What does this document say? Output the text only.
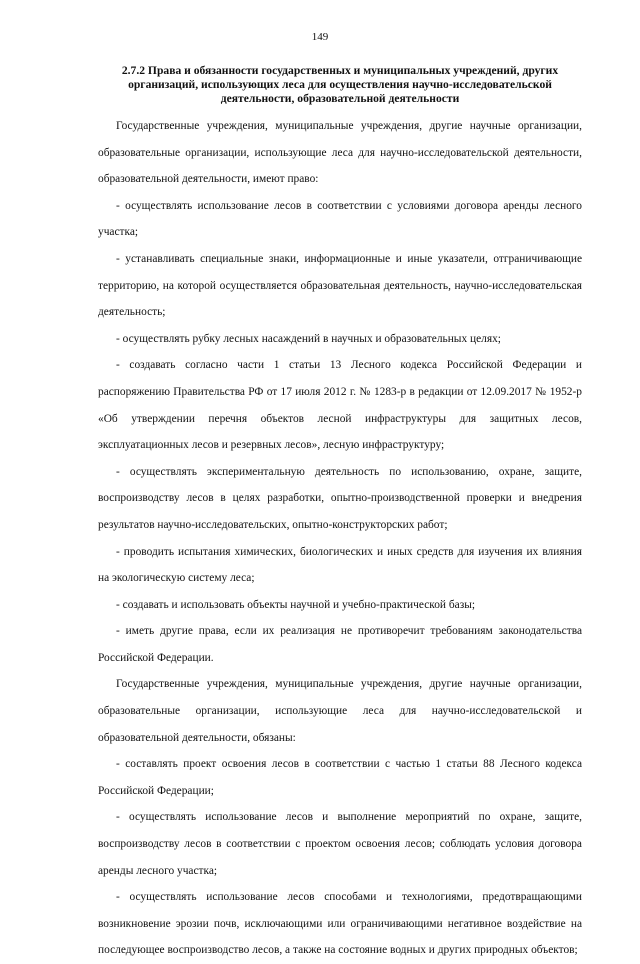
149
2.7.2 Права и обязанности государственных и муниципальных учреждений, других организаций, использующих леса для осуществления научно-исследовательской деятельности, образовательной деятельности

Государственные учреждения, муниципальные учреждения, другие научные организации, образовательные организации, использующие леса для научно-исследовательской деятельности, образовательной деятельности, имеют право:

- осуществлять использование лесов в соответствии с условиями договора аренды лесного участка;

- устанавливать специальные знаки, информационные и иные указатели, отграничивающие территорию, на которой осуществляется образовательная деятельность, научно-исследовательская деятельность;

- осуществлять рубку лесных насаждений в научных и образовательных целях;

- создавать согласно части 1 статьи 13 Лесного кодекса Российской Федерации и распоряжению Правительства РФ от 17 июля 2012 г. № 1283-р в редакции от 12.09.2017 № 1952-р «Об утверждении перечня объектов лесной инфраструктуры для защитных лесов, эксплуатационных лесов и резервных лесов», лесную инфраструктуру;

- осуществлять экспериментальную деятельность по использованию, охране, защите, воспроизводству лесов в целях разработки, опытно-производственной проверки и внедрения результатов научно-исследовательских, опытно-конструкторских работ;

- проводить испытания химических, биологических и иных средств для изучения их влияния на экологическую систему леса;

- создавать и использовать объекты научной и учебно-практической базы;

- иметь другие права, если их реализация не противоречит требованиям законодательства Российской Федерации.

Государственные учреждения, муниципальные учреждения, другие научные организации, образовательные организации, использующие леса для научно-исследовательской и образовательной деятельности, обязаны:

- составлять проект освоения лесов в соответствии с частью 1 статьи 88 Лесного кодекса Российской Федерации;

- осуществлять использование лесов и выполнение мероприятий по охране, защите, воспроизводству лесов в соответствии с проектом освоения лесов; соблюдать условия договора аренды лесного участка;

- осуществлять использование лесов способами и технологиями, предотвращающими возникновение эрозии почв, исключающими или ограничивающими негативное воздействие на последующее воспроизводство лесов, а также на состояние водных и других природных объектов;
